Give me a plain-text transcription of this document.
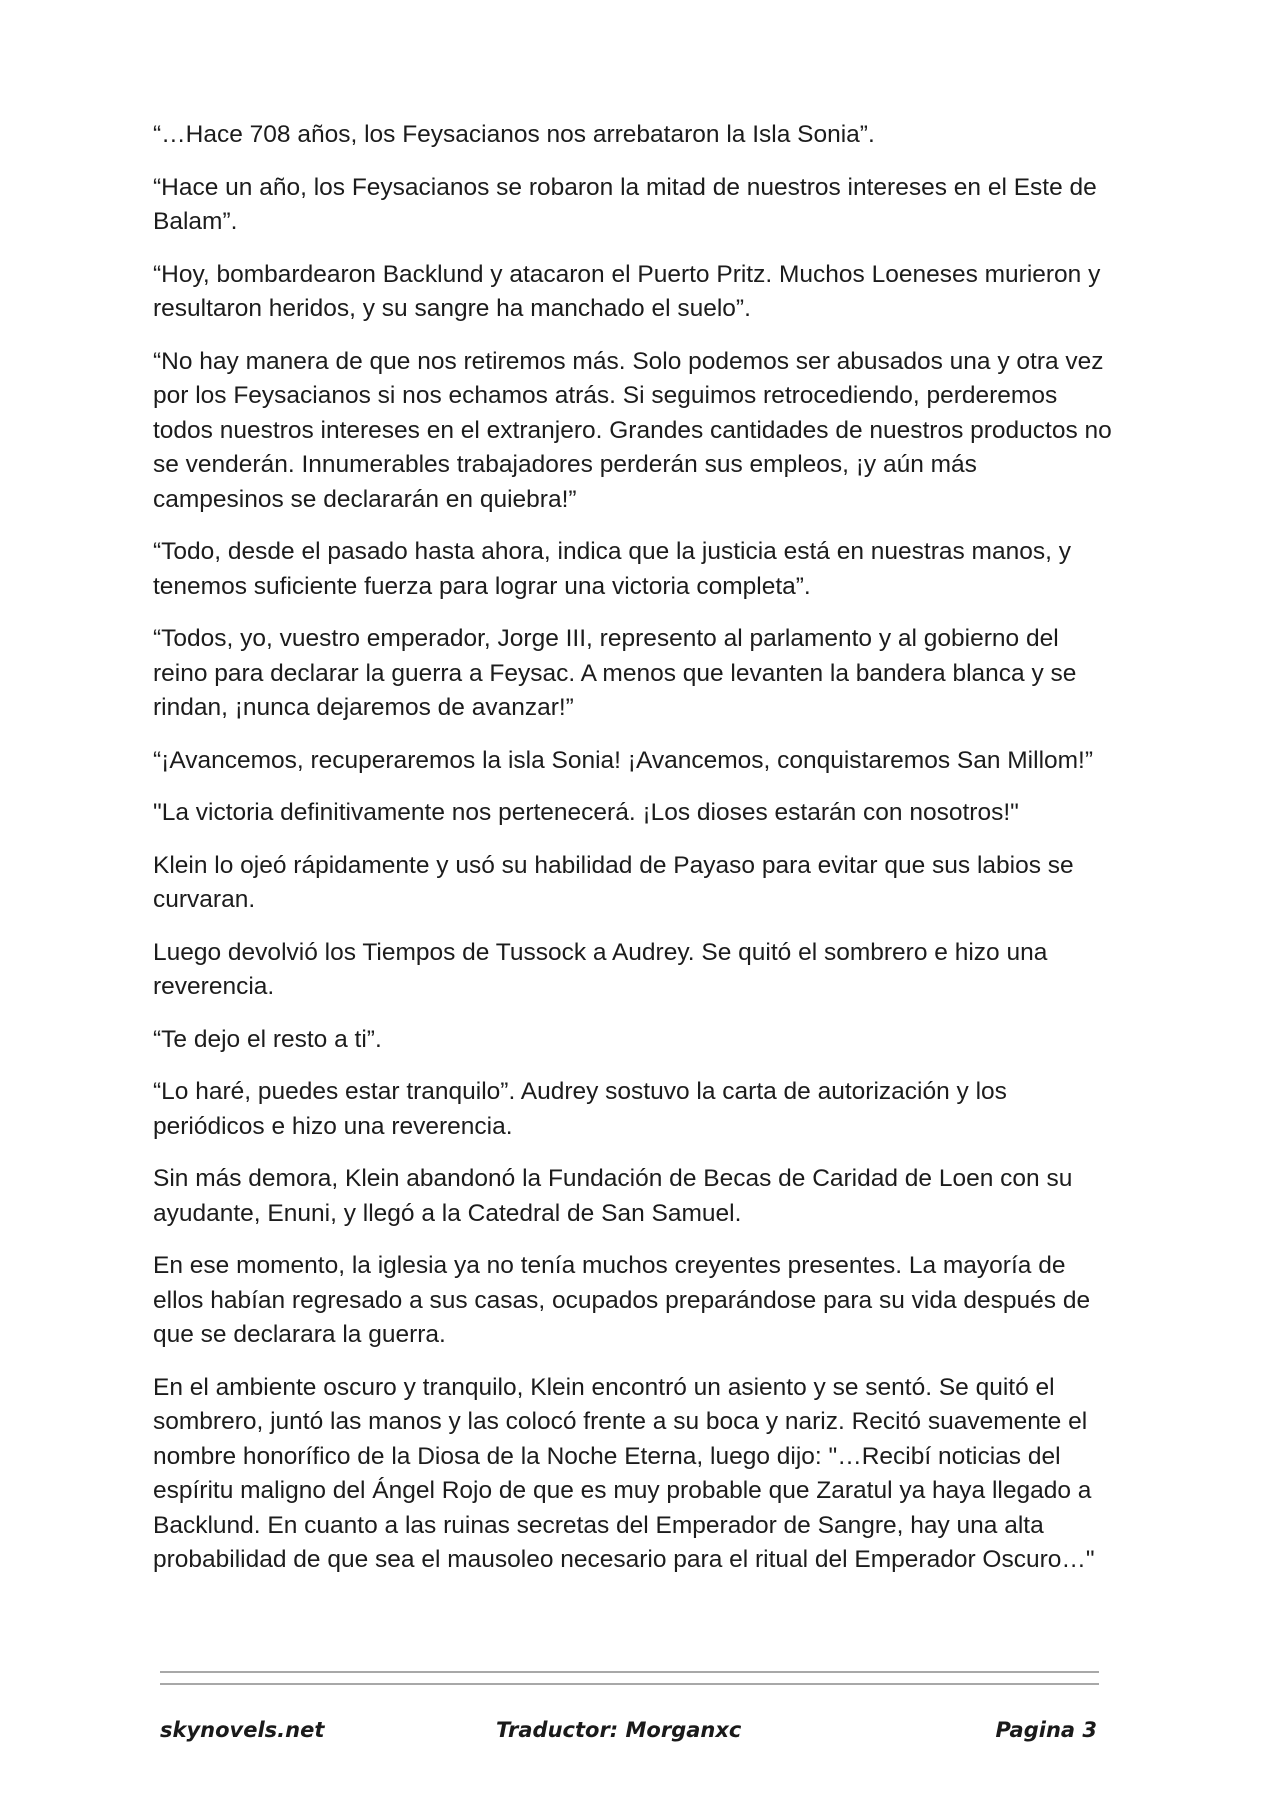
“…Hace 708 años, los Feysacianos nos arrebataron la Isla Sonia”.

“Hace un año, los Feysacianos se robaron la mitad de nuestros intereses en el Este de Balam”.

“Hoy, bombardearon Backlund y atacaron el Puerto Pritz. Muchos Loeneses murieron y resultaron heridos, y su sangre ha manchado el suelo”.

“No hay manera de que nos retiremos más. Solo podemos ser abusados una y otra vez por los Feysacianos si nos echamos atrás. Si seguimos retrocediendo, perderemos todos nuestros intereses en el extranjero. Grandes cantidades de nuestros productos no se venderán. Innumerables trabajadores perderán sus empleos, ¡y aún más campesinos se declararán en quiebra!”

“Todo, desde el pasado hasta ahora, indica que la justicia está en nuestras manos, y tenemos suficiente fuerza para lograr una victoria completa”.

“Todos, yo, vuestro emperador, Jorge III, represento al parlamento y al gobierno del reino para declarar la guerra a Feysac. A menos que levanten la bandera blanca y se rindan, ¡nunca dejaremos de avanzar!”

“¡Avancemos, recuperaremos la isla Sonia! ¡Avancemos, conquistaremos San Millom!”

"La victoria definitivamente nos pertenecerá. ¡Los dioses estarán con nosotros!"

Klein lo ojeó rápidamente y usó su habilidad de Payaso para evitar que sus labios se curvaran.

Luego devolvió los Tiempos de Tussock a Audrey. Se quitó el sombrero e hizo una reverencia.

“Te dejo el resto a ti”.

“Lo haré, puedes estar tranquilo”. Audrey sostuvo la carta de autorización y los periódicos e hizo una reverencia.

Sin más demora, Klein abandonó la Fundación de Becas de Caridad de Loen con su ayudante, Enuni, y llegó a la Catedral de San Samuel.

En ese momento, la iglesia ya no tenía muchos creyentes presentes. La mayoría de ellos habían regresado a sus casas, ocupados preparándose para su vida después de que se declarara la guerra.

En el ambiente oscuro y tranquilo, Klein encontró un asiento y se sentó. Se quitó el sombrero, juntó las manos y las colocó frente a su boca y nariz. Recitó suavemente el nombre honorífico de la Diosa de la Noche Eterna, luego dijo: "…Recibí noticias del espíritu maligno del Ángel Rojo de que es muy probable que Zaratul ya haya llegado a Backlund. En cuanto a las ruinas secretas del Emperador de Sangre, hay una alta probabilidad de que sea el mausoleo necesario para el ritual del Emperador Oscuro…"

skynovels.net	Traductor: Morganxc	Pagina 3
